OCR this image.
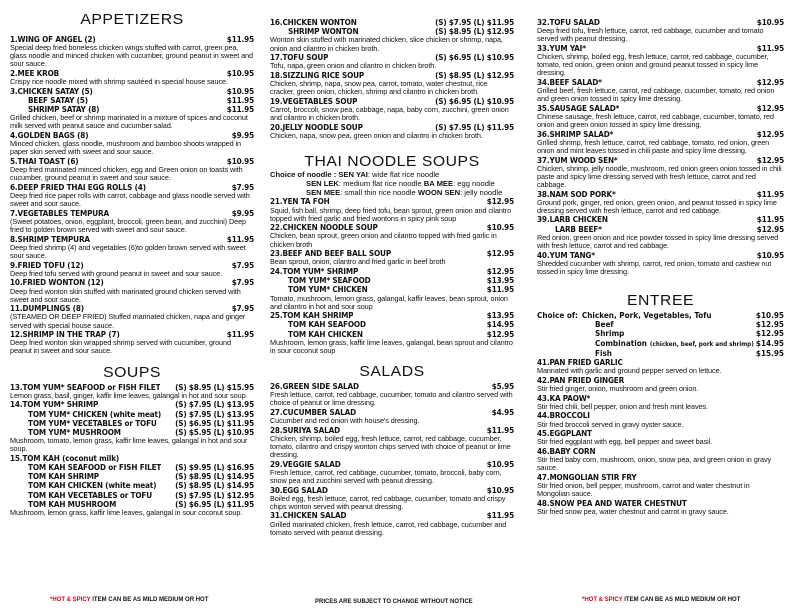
APPETIZERS
1.WING OF ANGEL (2)	$11.95
Special deep fried boneless chicken wings stuffed with carrot, green pea, glass noodle and minced chicken with cucumber, ground peanut in sweet and sour sauce.
2.MEE KROB	$10.95
Crispy rice noodle mixed with shrimp sautéed in special house sauce.
3.CHICKEN SATAY (5)	$10.95
BEEF SATAY (5)	$11.95
SHRIMP SATAY (8)	$11.95
Grilled chicken, beef or shrimp marinated in a mixture of spices and coconut milk served with peanut sauce and cucumber salad.
4.GOLDEN BAGS (8)	$9.95
Minced chicken, glass noodle, mushroom and bamboo shoots wrapped in paper skin served with sweet and sour sauce.
5.THAI TOAST (6)	$10.95
Deep fried marinated minced chicken, egg and Green onion on toasts with cucumber, ground peanut in sweet and sour sauce.
6.DEEP FRIED THAI EGG ROLLS (4)	$7.95
Deep fried rice paper rolls with carrot, cabbage and glass noodle served with sweet and sour sauce.
7.VEGETABLES TEMPURA	$9.95
(Sweet potatoes, onion, eggplant, broccoli, green bean, and zucchini) Deep fried to golden brown served with sweet and sour sauce.
8.SHRIMP TEMPURA	$11.95
Deep fried shrimp (4) and vegetables (6)to golden brown served with sweet sour sauce.
9.FRIED TOFU (12)	$7.95
Deep fried tofu served with ground peanut in sweet and sour sauce.
10.FRIED WONTON (12)	$7.95
Deep fried wonton skin stuffed with marinated ground chicken served with sweet and sour sauce.
11.DUMPLINGS (8)	$7.95
(STEAMED OR DEEP FRIED) Stuffed marinated chicken, napa and ginger served with special house sauce.
12.SHRIMP IN THE TRAP (7)	$11.95
Deep fried wonton skin wrapped shrimp served with cucumber, ground peanut in sweet and sour sauce.
SOUPS
13.TOM YUM* SEAFOOD or FISH FILET	(S) $8.95 (L) $15.95
Lemon grass, basil, ginger, kaffir lime leaves, galangal in hot and sour soup.
14.TOM YUM* SHRIMP	(S) $7.95 (L) $13.95
TOM YUM* CHICKEN (white meat)	(S) $7.95 (L) $13.95
TOM YUM* VECETABLES or TOFU	(S) $6.95 (L) $11.95
TOM YUM* MUSHROOM	(S) $5.95 (L) $10.95
Mushroom, tomato, lemon grass, kaffir lime leaves, galangal in hot and sour soup.
15.TOM KAH (coconut milk)
TOM KAH SEAFOOD or FISH FILET	(S) $9.95 (L) $16.95
TOM KAH SHRIMP	(S) $8.95 (L) $14.95
TOM KAH CHICKEN (white meat)	(S) $8.95 (L) $14.95
TOM KAH VECETABLES or TOFU	(S) $7.95 (L) $12.95
TOM KAH MUSHROOM	(S) $6.95 (L) $11.95
Mushroom, lemon grass, kaffir lime leaves, galangal in sour coconut soup.
16.CHICKEN WONTON	(S) $7.95 (L) $11.95
SHRIMP WONTON	(S) $8.95 (L) $12.95
Wonton skin stuffed with marinated chicken, slice chicken or shrimp, napa, onion and cilantro in chicken broth.
17.TOFU SOUP	(S) $6.95 (L) $10.95
Tofu, napa, green onion and cilantro in chicken broth.
18.SIZZLING RICE SOUP	(S) $8.95 (L) $12.95
Chicken, shrimp, napa, snow pea, carrot, tomato, water chestnut, rice cracker, green onion, chicken, shrimp and cilantro in chicken broth.
19.VEGETABLES SOUP	(S) $6.95 (L) $10.95
Carrot, broccoli, snow pea, cabbage, napa, baby corn, zucchini, green onion and cilantro in chicken broth.
20.JELLY NOODLE SOUP	(S) $7.95 (L) $11.95
Chicken, napa, snow pea, green onion and cilantro in chicken broth.
THAI NOODLE SOUPS
Choice of noodle : SEN YAI: wide flat rice noodle
SEN LEK: medium flat rice noodle BA MEE: egg noodle
SEN MEE: small thin rice noodle WOON SEN: jelly noodle
21.YEN TA FOH	$12.95
Squid, fish ball, shrimp, deep fried tofu, bean sprout, green onion and cilantro topped with fried garlic and fried wontons in spicy pink soup
22.CHICKEN NOODLE SOUP	$10.95
Chicken, bean sprout, green onion and cilantro topped with fried garlic in chicken broth
23.BEEF AND BEEF BALL SOUP	$12.95
Bean sprout, onion, cilantro and fried garlic in beef broth
24.TOM YUM* SHRIMP	$12.95
TOM YUM* SEAFOOD	$13.95
TOM YUM* CHICKEN	$11.95
Tomato, mushroom, lemon grass, galangal, kaffir leaves, bean sprout, onion and cilantro in hot and sour soup
25.TOM KAH SHRIMP	$13.95
TOM KAH SEAFOOD	$14.95
TOM KAH CHICKEN	$12.95
Mushroom, lemon grass, kaffir lime leaves, galangal, bean sprout and cilantro in sour coconut soup
SALADS
26.GREEN SIDE SALAD	$5.95
Fresh lettuce, carrot, red cabbage, cucumber, tomato and cilantro served with choice of peanut or lime dressing.
27.CUCUMBER SALAD	$4.95
Cucumber and red onion with house's dressing.
28.SURIYA SALAD	$11.95
Chicken, shrimp, boiled egg, fresh lettuce, carrot, red cabbage, cucumber, tomato, cilantro and crispy wonton chips served with choice of peanut or lime dressing.
29.VEGGIE SALAD	$10.95
Fresh lettuce, carrot, red cabbage, cucumber, tomato, broccoli, baby corn, snow pea and zucchini served with peanut dressing.
30.EGG SALAD	$10.95
Boiled egg, fresh lettuce, carrot, red cabbage, cucumber, tomato and crispy chips wonton served with peanut dressing.
31.CHICKEN SALAD	$11.95
Grilled marinated chicken, fresh lettuce, carrot, red cabbage, cucumber and tomato served with peanut dressing.
32.TOFU SALAD	$10.95
Deep fried tofu, fresh lettuce, carrot, red cabbage, cucumber and tomato served with peanut dressing.
33.YUM YAI*	$11.95
Chicken, shrimp, boiled egg, fresh lettuce, carrot, red cabbage, cucumber, tomato, red onion, green onion and ground peanut tossed in spicy lime dressing.
34.BEEF SALAD*	$12.95
Grilled beef, fresh lettuce, carrot, red cabbage, cucumber, tomato, red onion and green onion tossed in spicy lime dressing.
35.SAUSAGE SALAD*	$12.95
Chinese sausage, fresh lettuce, carrot, red cabbage, cucumber, tomato, red onion and green onion tossed in spicy lime dressing.
36.SHRIMP SALAD*	$12.95
Grilled shrimp, fresh lettuce, carrot, red cabbage, tomato, red onion, green onion and mint leaves tossed in chili paste and spicy lime dressing.
37.YUM WOOD SEN*	$12.95
Chicken, shrimp, jelly noodle, mushroom, red onion green onion tossed in chili paste and spicy lime dressing served with fresh lettuce, carrot and red cabbage.
38.NAM SOD PORK*	$11.95
Ground pork, ginger, red onion, green onion, and peanut tossed in spicy lime dressing served with fresh lettuce, carrot and red cabbage.
39.LARB CHICKEN	$11.95
LARB BEEF*	$12.95
Red onion, green onion and rice powder tossed in spicy lime dressing served with fresh lettuce, carrot and red cabbage.
40.YUM TANG*	$10.95
Shredded cucumber with shrimp, carrot, red onion, tomato and cashew nut tossed in spicy lime dressing.
ENTREE
Choice of: Chicken, Pork, Vegetables, Tofu	$10.95
Beef	$12.95
Shrimp	$12.95
Combination (chicken, beef, pork and shrimp) $14.95
Fish	$15.95
41.PAN FRIED GARLIC
Marinated with garlic and ground pepper served on lettuce.
42.PAN FRIED GINGER
Stir fried ginger, onion, mushroom and green onion.
43.KA PAOW*
Stir fried chili, bell pepper, onion and fresh mint leaves.
44.BROCCOLI
Stir fried broccoli served in gravy oyster sauce.
45.EGGPLANT
Stir fried eggplant with egg, bell pepper and sweet basil.
46.BABY CORN
Stir fried baby corn, mushroom, onion, snow pea, and green onion in gravy sauce.
47.MONGOLIAN STIR FRY
Stir fried onion, bell pepper, mushroom, carrot and water chestnut in Mongolian sauce.
48.SNOW PEA AND WATER CHESTNUT
Stir fried snow pea, water chestnut and carrot in gravy sauce.
*HOT & SPICY ITEM CAN BE AS MILD MEDIUM OR HOT	PRICES ARE SUBJECT TO CHANGE WITHOUT NOTICE	*HOT & SPICY ITEM CAN BE AS MILD MEDIUM OR HOT
